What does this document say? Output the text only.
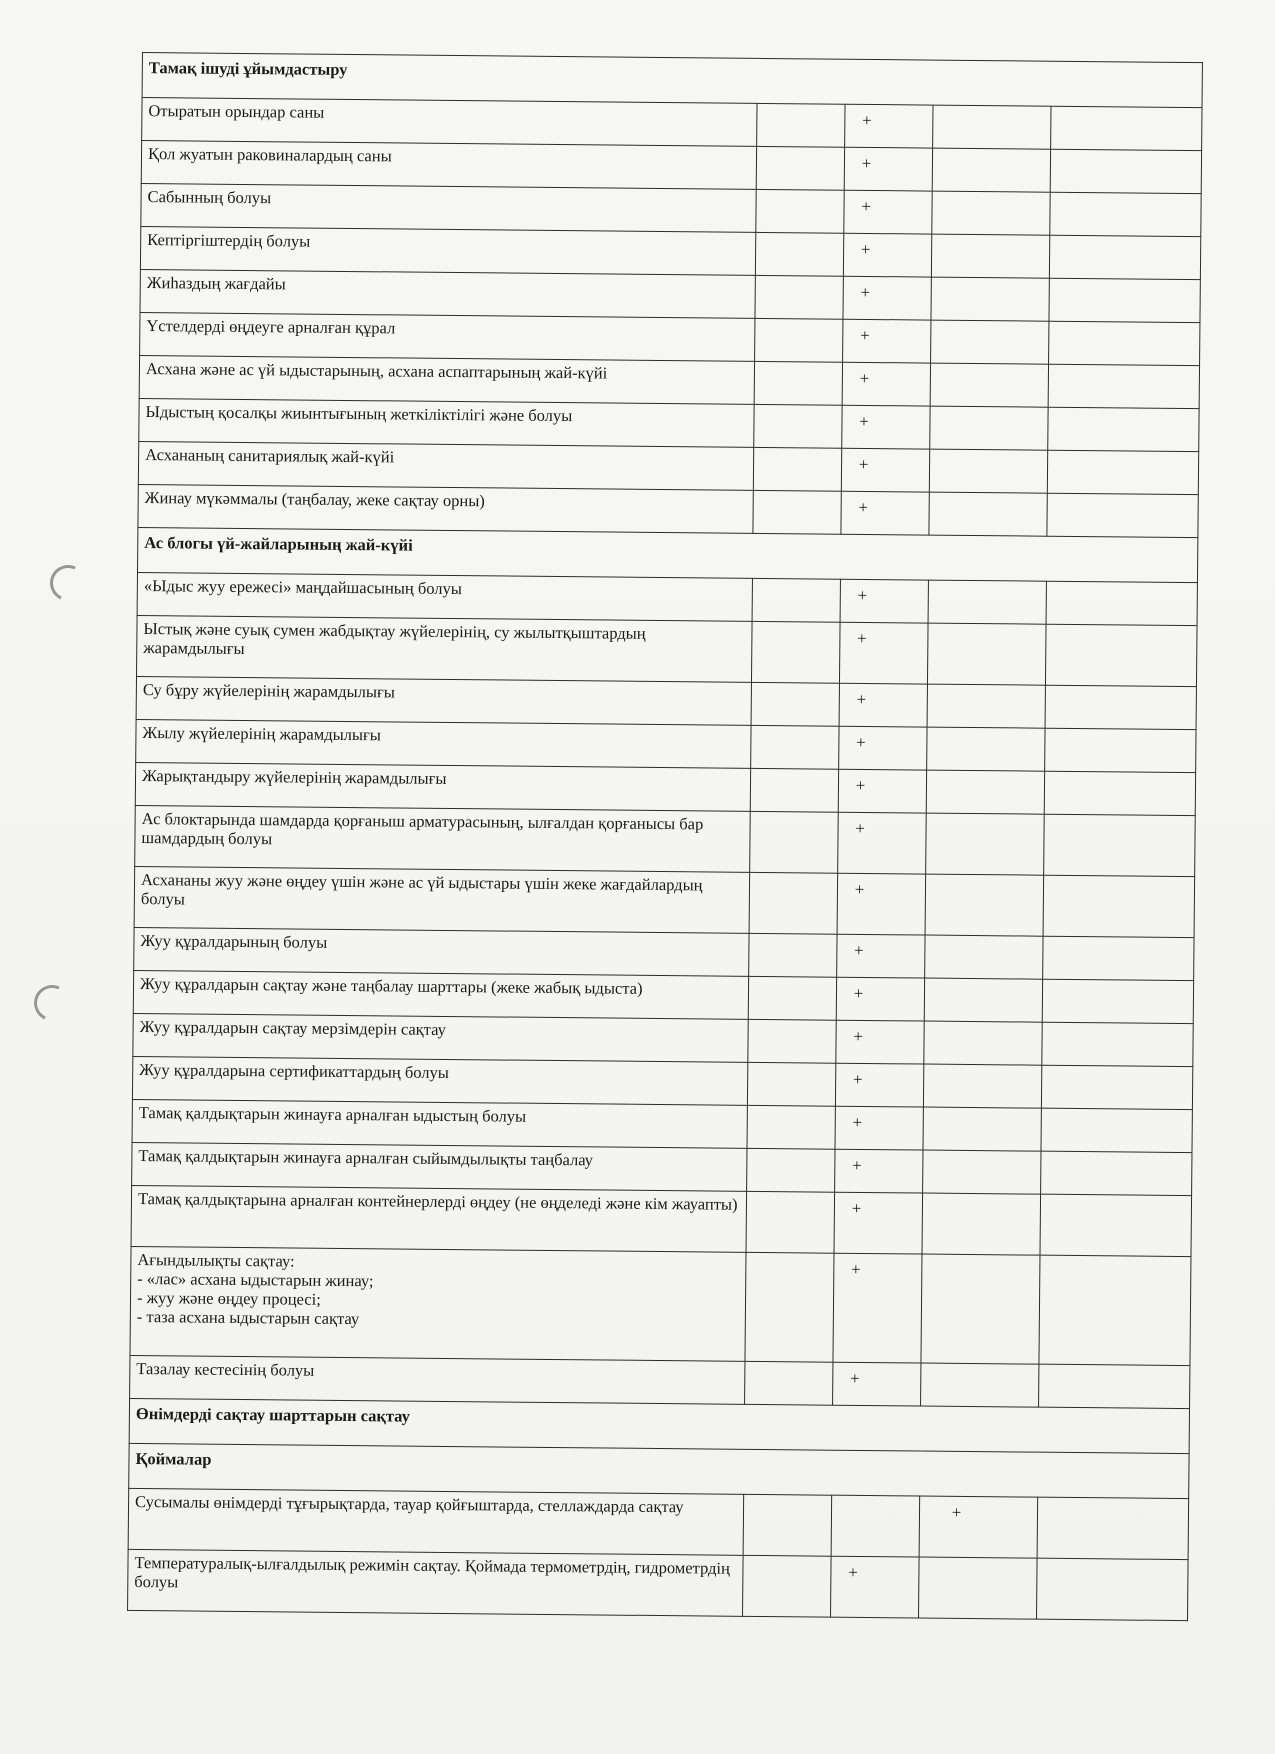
Тамақ ішуді ұйымдастыру				
Отыратын орындар саны		+		
Қол жуатын раковиналардың саны		+		
Сабынның болуы		+		
Кептіргіштердің болуы		+		
Жиһаздың жағдайы		+		
Үстелдерді өңдеуге арналған құрал		+		
Асхана және ас үй ыдыстарының, асхана аспаптарының жай-күйі		+		
Ыдыстың қосалқы жиынтығының жеткіліктілігі және болуы		+		
Асхананың санитариялық жай-күйі		+		
Жинау мүкәммалы (таңбалау, жеке сақтау орны)		+		
Ас блогы үй-жайларының жай-күйі				
«Ыдыс жуу ережесі» маңдайшасының болуы		+		
Ыстық және суық сумен жабдықтау жүйелерінің, су жылытқыштардың жарамдылығы		+		
Су бұру жүйелерінің жарамдылығы		+		
Жылу жүйелерінің жарамдылығы		+		
Жарықтандыру жүйелерінің жарамдылығы		+		
Ас блоктарында шамдарда қорғаныш арматурасының, ылғалдан қорғанысы бар шамдардың болуы		+		
Асхананы жуу және өңдеу үшін және ас үй ыдыстары үшін жеке жағдайлардың болуы		+		
Жуу құралдарының болуы		+		
Жуу құралдарын сақтау және таңбалау шарттары (жеке жабық ыдыста)		+		
Жуу құралдарын сақтау мерзімдерін сақтау		+		
Жуу құралдарына сертификаттардың болуы		+		
Тамақ қалдықтарын жинауға арналған ыдыстың болуы		+		
Тамақ қалдықтарын жинауға арналған сыйымдылықты таңбалау		+		
Тамақ қалдықтарына арналған контейнерлерді өңдеу (не өңделеді және кім жауапты)		+		
Ағындылықты сақтау:
- «лас» асхана ыдыстарын жинау;
- жуу және өңдеу процесі;
- таза асхана ыдыстарын сақтау		+		
Тазалау кестесінің болуы		+		
Өнімдерді сақтау шарттарын сақтау				
Қоймалар				
Сусымалы өнімдерді тұғырықтарда, тауар қойғыштарда, стеллаждарда сақтау			+	
Температуралық-ылғалдылық режимін сақтау. Қоймада термометрдің, гидрометрдің болуы		+		
